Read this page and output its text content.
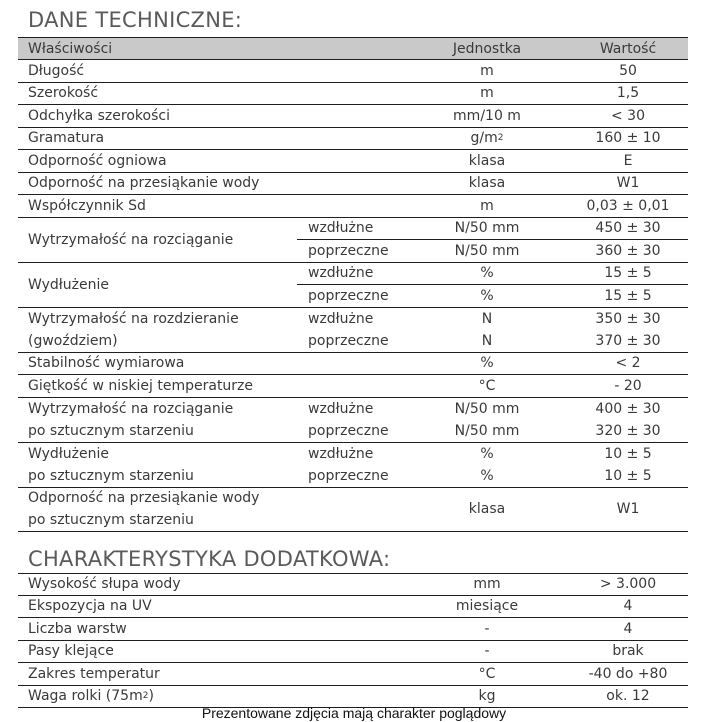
DANE TECHNICZNE:
Właściwości	Jednostka	Wartość
Długość	m	50
Szerokość	m	1,5
Odchyłka szerokości	mm/10 m	< 30
Gramatura	g/m 2	160 ± 10
Odporność ogniowa	klasa	E
Odporność na przesiąkanie wody	klasa	W1
Współczynnik Sd	m	0,03 ± 0,01
Wytrzymałość na rozciąganie
wzdłużne	N/50 mm	450 ± 30
poprzeczne	N/50 mm	360 ± 30
Wydłużenie
wzdłużne	%	15 ± 5
poprzeczne	%	15 ± 5
Wytrzymałość na rozdzieranie
(gwoździem)
wzdłużne	N	350 ± 30
poprzeczne	N	370 ± 30
Stabilność wymiarowa	%	< 2
Giętkość w niskiej temperaturze	°C	- 20
Wytrzymałość na rozciąganie
po sztucznym starzeniu
wzdłużne	N/50 mm	400 ± 30
poprzeczne	N/50 mm	320 ± 30
Wydłużenie
po sztucznym starzeniu
wzdłużne	%	10 ± 5
poprzeczne	%	10 ± 5
Odporność na przesiąkanie wody
po sztucznym starzeniu
klasa	W1
CHARAKTERYSTYKA DODATKOWA:
Wysokość słupa wody	mm	> 3.000
Ekspozycja na UV	miesiące	4
Liczba warstw	-	4
Pasy klejące	-	brak
Zakres temperatur	°C	-40 do +80
Waga rolki (75m 2 )	kg	ok. 12
Prezentowane zdjęcia mają charakter poglądowy
